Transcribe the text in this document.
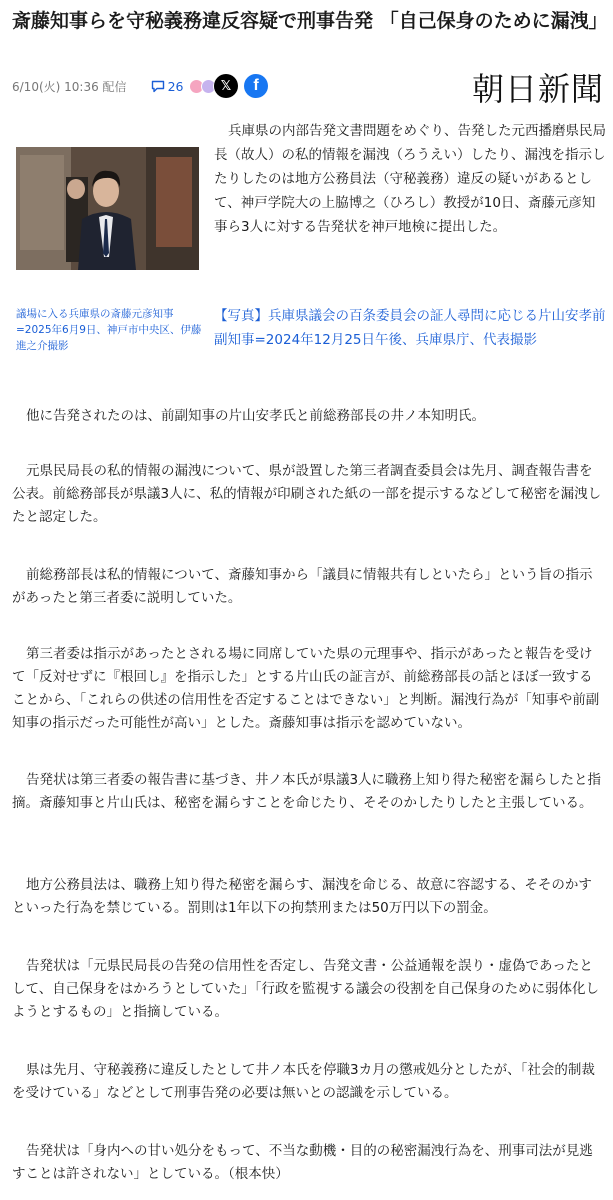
斎藤知事らを守秘義務違反容疑で刑事告発 「自己保身のために漏洩」
6/10(火) 10:36 配信	26	𝕏	f	朝日新聞
議場に入る兵庫県の斎藤元彦知事=2025年6月9日、神戸市中央区、伊藤進之介撮影

兵庫県の内部告発文書問題をめぐり、告発した元西播磨県民局長（故人）の私的情報を漏洩（ろうえい）したり、漏洩を指示したりしたのは地方公務員法（守秘義務）違反の疑いがあるとして、神戸学院大の上脇博之（ひろし）教授が10日、斎藤元彦知事ら3人に対する告発状を神戸地検に提出した。

【写真】兵庫県議会の百条委員会の証人尋問に応じる片山安孝前副知事=2024年12月25日午後、兵庫県庁、代表撮影

他に告発されたのは、前副知事の片山安孝氏と前総務部長の井ノ本知明氏。

元県民局長の私的情報の漏洩について、県が設置した第三者調査委員会は先月、調査報告書を公表。前総務部長が県議3人に、私的情報が印刷された紙の一部を提示するなどして秘密を漏洩したと認定した。

前総務部長は私的情報について、斎藤知事から「議員に情報共有しといたら」という旨の指示があったと第三者委に説明していた。

第三者委は指示があったとされる場に同席していた県の元理事や、指示があったと報告を受けて「反対せずに『根回し』を指示した」とする片山氏の証言が、前総務部長の話とほぼ一致することから、「これらの供述の信用性を否定することはできない」と判断。漏洩行為が「知事や前副知事の指示だった可能性が高い」とした。斎藤知事は指示を認めていない。

告発状は第三者委の報告書に基づき、井ノ本氏が県議3人に職務上知り得た秘密を漏らしたと指摘。斎藤知事と片山氏は、秘密を漏らすことを命じたり、そそのかしたりしたと主張している。

地方公務員法は、職務上知り得た秘密を漏らす、漏洩を命じる、故意に容認する、そそのかすといった行為を禁じている。罰則は1年以下の拘禁刑または50万円以下の罰金。

告発状は「元県民局長の告発の信用性を否定し、告発文書・公益通報を誤り・虚偽であったとして、自己保身をはかろうとしていた」「行政を監視する議会の役割を自己保身のために弱体化しようとするもの」と指摘している。

県は先月、守秘義務に違反したとして井ノ本氏を停職3カ月の懲戒処分としたが、「社会的制裁を受けている」などとして刑事告発の必要は無いとの認識を示している。

告発状は「身内への甘い処分をもって、不当な動機・目的の秘密漏洩行為を、刑事司法が見逃すことは許されない」としている。（根本快）
